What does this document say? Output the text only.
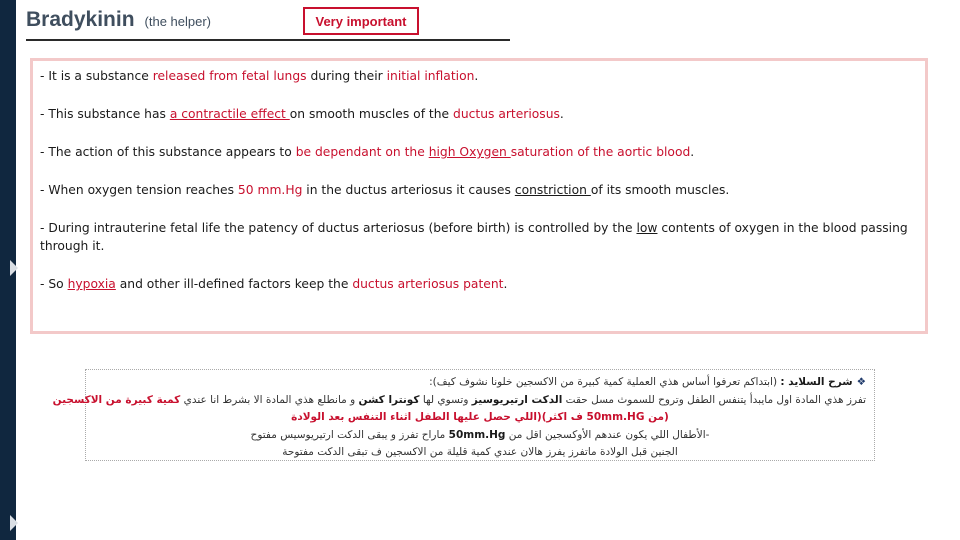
Bradykinin (the helper)	Very important
- It is a substance released from fetal lungs during their initial inflation.
- This substance has a contractile effect on smooth muscles of the ductus arteriosus.
- The action of this substance appears to be dependant on the high Oxygen saturation of the aortic blood.
- When oxygen tension reaches 50 mm.Hg in the ductus arteriosus it causes constriction of its smooth muscles.
- During intrauterine fetal life the patency of ductus arteriosus (before birth) is controlled by the low contents of oxygen in the blood passing through it.
- So hypoxia and other ill-defined factors keep the ductus arteriosus patent.
❖شرح السلايد : (ابتداكم تعرفوا أساس هذي العملية كمية كبيرة من الاكسجين خلونا نشوف كيف):
تفرز هذي المادة اول مايبدأ يتنفس الطفل وتروح للسموث مسل حقت الدكت ارتيريوسيز وتسوي لها كونترا كشن و مانطلع هذي المادة الا بشرط انا عندي كمية كبيرة من الاكسجين
(من 50mm.HG ف اكثر)(اللي حصل عليها الطفل اثناء التنفس بعد الولادة
-الأطفال اللي يكون عندهم الأوكسجين اقل من 50mm.Hg ماراح تفرز و يبقى الدكت ارتيريوسيس مفتوح
الجنين قبل الولادة ماتفرز يفرز هالان عندي كمية قليلة من الاكسجين ف تبقى الدكت مفتوحة
